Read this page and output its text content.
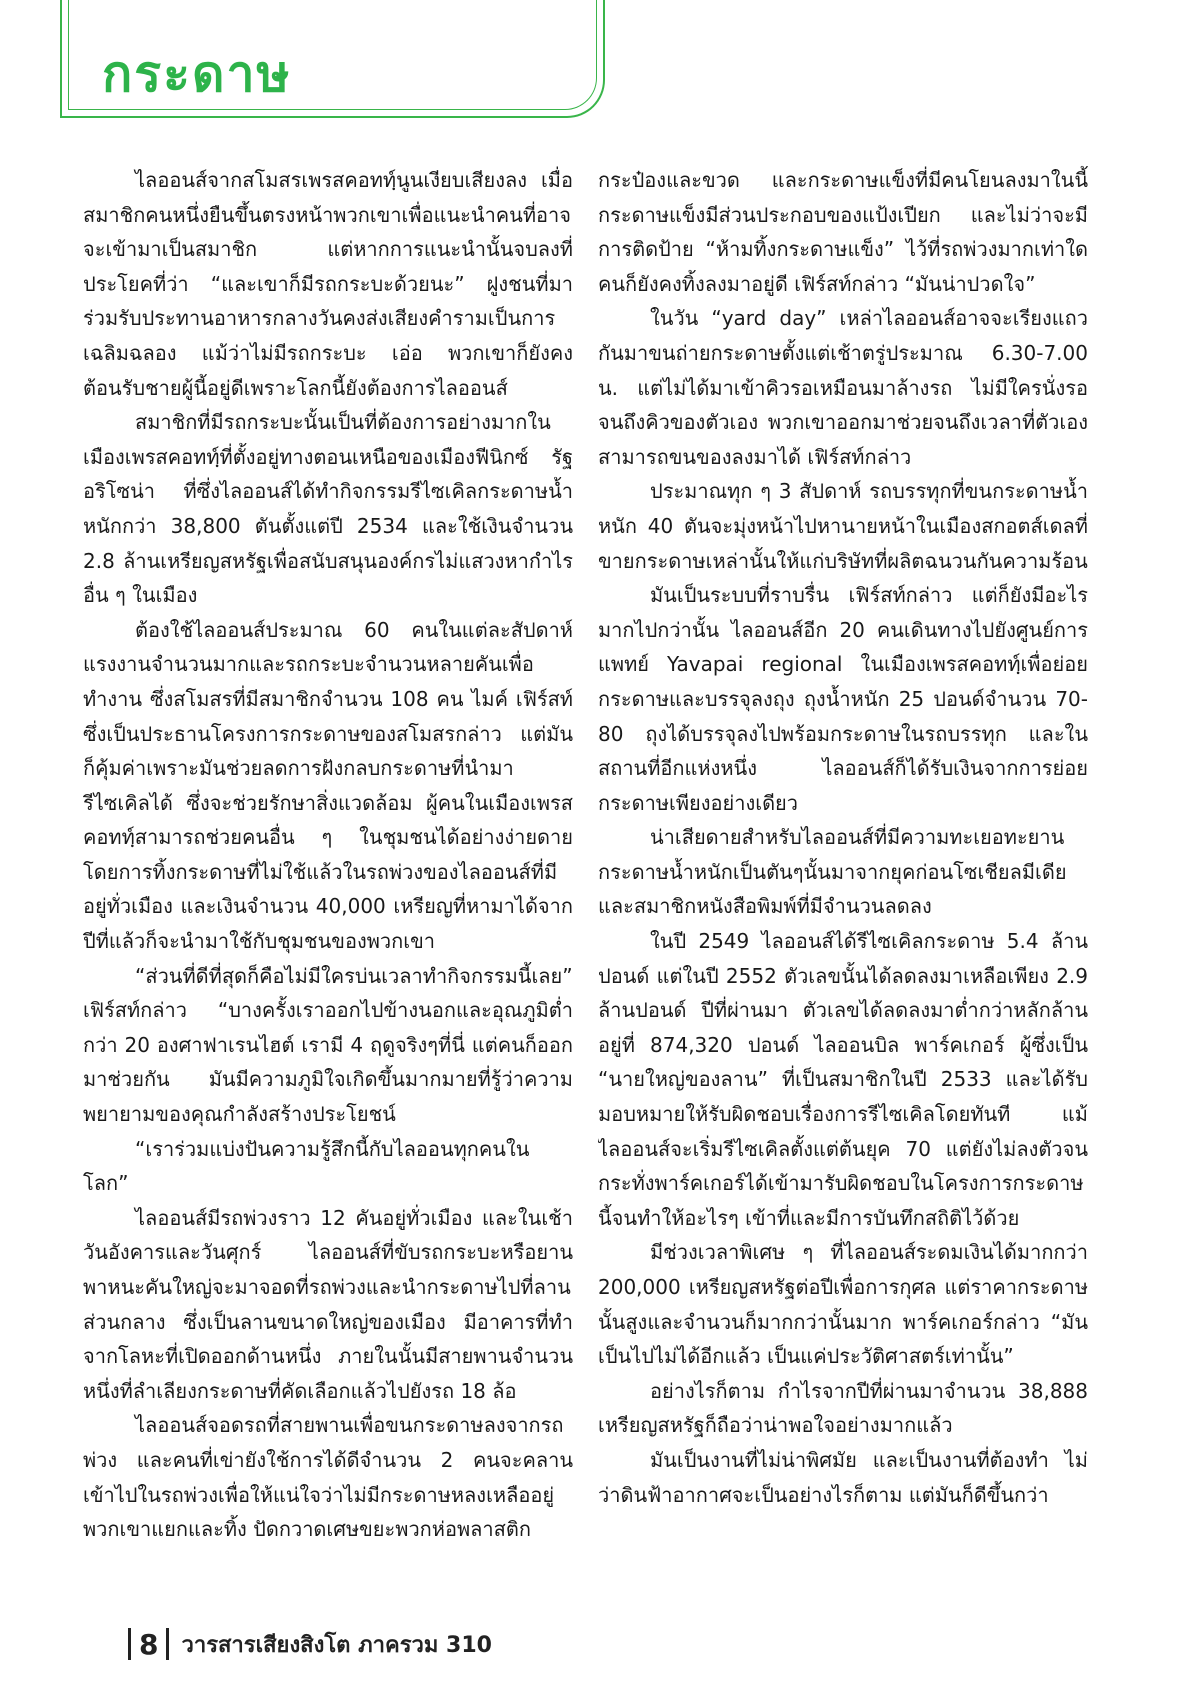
กระดาษ

ไลออนส์จากสโมสรเพรสคอททฺ์นูนเงียบเสียงลง เมื่อสมาชิกคนหนึ่งยืนขึ้นตรงหน้าพวกเขาเพื่อแนะนำคนที่อาจจะเข้ามาเป็นสมาชิก แต่หากการแนะนำนั้นจบลงที่ประโยคที่ว่า “และเขาก็มีรถกระบะด้วยนะ” ฝูงชนที่มาร่วมรับประทานอาหารกลางวันคงส่งเสียงคำรามเป็นการเฉลิมฉลอง แม้ว่าไม่มีรถกระบะ เอ่อ พวกเขาก็ยังคงต้อนรับชายผู้นี้อยู่ดีเพราะโลกนี้ยังต้องการไลออนส์

สมาชิกที่มีรถกระบะนั้นเป็นที่ต้องการอย่างมากในเมืองเพรสคอททฺ์ที่ตั้งอยู่ทางตอนเหนือของเมืองฟีนิกซ์ รัฐอริโซน่า ที่ซึ่งไลออนส์ได้ทำกิจกรรมรีไซเคิลกระดาษน้ำหนักกว่า 38,800 ตันตั้งแต่ปี 2534 และใช้เงินจำนวน 2.8 ล้านเหรียญสหรัฐเพื่อสนับสนุนองค์กรไม่แสวงหากำไรอื่น ๆ ในเมือง

ต้องใช้ไลออนส์ประมาณ 60 คนในแต่ละสัปดาห์ แรงงานจำนวนมากและรถกระบะจำนวนหลายคันเพื่อทำงาน ซึ่งสโมสรที่มีสมาชิกจำนวน 108 คน ไมค์ เฟิร์สท์ ซึ่งเป็นประธานโครงการกระดาษของสโมสรกล่าว แต่มันก็คุ้มค่าเพราะมันช่วยลดการฝังกลบกระดาษที่นำมารีไซเคิลได้ ซึ่งจะช่วยรักษาสิ่งแวดล้อม ผู้คนในเมืองเพรสคอททฺ์สามารถช่วยคนอื่น ๆ ในชุมชนได้อย่างง่ายดาย โดยการทิ้งกระดาษที่ไม่ใช้แล้วในรถพ่วงของไลออนส์ที่มีอยู่ทั่วเมือง และเงินจำนวน 40,000 เหรียญที่หามาได้จากปีที่แล้วก็จะนำมาใช้กับชุมชนของพวกเขา

“ส่วนที่ดีที่สุดก็คือไม่มีใครบ่นเวลาทำกิจกรรมนี้เลย” เฟิร์สท์กล่าว “บางครั้งเราออกไปข้างนอกและอุณภูมิต่ำกว่า 20 องศาฟาเรนไฮต์ เรามี 4 ฤดูจริงๆที่นี่ แต่คนก็ออกมาช่วยกัน มันมีความภูมิใจเกิดขึ้นมากมายที่รู้ว่าความพยายามของคุณกำลังสร้างประโยชน์

“เราร่วมแบ่งปันความรู้สึกนี้กับไลออนทุกคนในโลก”

ไลออนส์มีรถพ่วงราว 12 คันอยู่ทั่วเมือง และในเช้าวันอังคารและวันศุกร์ ไลออนส์ที่ขับรถกระบะหรือยานพาหนะคันใหญ่จะมาจอดที่รถพ่วงและนำกระดาษไปที่ลานส่วนกลาง ซึ่งเป็นลานขนาดใหญ่ของเมือง มีอาคารที่ทำจากโลหะที่เปิดออกด้านหนึ่ง ภายในนั้นมีสายพานจำนวนหนึ่งที่ลำเลียงกระดาษที่คัดเลือกแล้วไปยังรถ 18 ล้อ

ไลออนส์จอดรถที่สายพานเพื่อขนกระดาษลงจากรถพ่วง และคนที่เข่ายังใช้การได้ดีจำนวน 2 คนจะคลานเข้าไปในรถพ่วงเพื่อให้แน่ใจว่าไม่มีกระดาษหลงเหลืออยู่ พวกเขาแยกและทิ้ง ปัดกวาดเศษขยะพวกห่อพลาสติก

กระป๋องและขวด และกระดาษแข็งที่มีคนโยนลงมาในนี้ กระดาษแข็งมีส่วนประกอบของแป้งเปียก และไม่ว่าจะมีการติดป้าย “ห้ามทิ้งกระดาษแข็ง” ไว้ที่รถพ่วงมากเท่าใด คนก็ยังคงทิ้งลงมาอยู่ดี เฟิร์สท์กล่าว “มันน่าปวดใจ”

ในวัน “yard day” เหล่าไลออนส์อาจจะเรียงแถวกันมาขนถ่ายกระดาษตั้งแต่เช้าตรู่ประมาณ 6.30-7.00 น. แต่ไม่ได้มาเข้าคิวรอเหมือนมาล้างรถ ไม่มีใครนั่งรอจนถึงคิวของตัวเอง พวกเขาออกมาช่วยจนถึงเวลาที่ตัวเองสามารถขนของลงมาได้ เฟิร์สท์กล่าว

ประมาณทุก ๆ 3 สัปดาห์ รถบรรทุกที่ขนกระดาษน้ำหนัก 40 ตันจะมุ่งหน้าไปหานายหน้าในเมืองสกอตส์เดลที่ขายกระดาษเหล่านั้นให้แก่บริษัทที่ผลิตฉนวนกันความร้อน

มันเป็นระบบที่ราบรื่น เฟิร์สท์กล่าว แต่ก็ยังมีอะไรมากไปกว่านั้น ไลออนส์อีก 20 คนเดินทางไปยังศูนย์การแพทย์ Yavapai regional ในเมืองเพรสคอททฺ์เพื่อย่อยกระดาษและบรรจุลงถุง ถุงน้ำหนัก 25 ปอนด์จำนวน 70-80 ถุงได้บรรจุลงไปพร้อมกระดาษในรถบรรทุก และในสถานที่อีกแห่งหนึ่ง ไลออนส์ก็ได้รับเงินจากการย่อยกระดาษเพียงอย่างเดียว

น่าเสียดายสำหรับไลออนส์ที่มีความทะเยอทะยาน กระดาษน้ำหนักเป็นตันๆนั้นมาจากยุคก่อนโซเชียลมีเดีย และสมาชิกหนังสือพิมพ์ที่มีจำนวนลดลง

ในปี 2549 ไลออนส์ได้รีไซเคิลกระดาษ 5.4 ล้านปอนด์ แต่ในปี 2552 ตัวเลขนั้นได้ลดลงมาเหลือเพียง 2.9 ล้านปอนด์ ปีที่ผ่านมา ตัวเลขได้ลดลงมาต่ำกว่าหลักล้านอยู่ที่ 874,320 ปอนด์ ไลออนบิล พาร์คเกอร์ ผู้ซึ่งเป็น “นายใหญ่ของลาน” ที่เป็นสมาชิกในปี 2533 และได้รับมอบหมายให้รับผิดชอบเรื่องการรีไซเคิลโดยทันที แม้ไลออนส์จะเริ่มรีไซเคิลตั้งแต่ต้นยุค 70 แต่ยังไม่ลงตัวจนกระทั่งพาร์คเกอร์ได้เข้ามารับผิดชอบในโครงการกระดาษนี้จนทำให้อะไรๆ เข้าที่และมีการบันทึกสถิติไว้ด้วย

มีช่วงเวลาพิเศษ ๆ ที่ไลออนส์ระดมเงินได้มากกว่า 200,000 เหรียญสหรัฐต่อปีเพื่อการกุศล แต่ราคากระดาษนั้นสูงและจำนวนก็มากกว่านั้นมาก พาร์คเกอร์กล่าว “มันเป็นไปไม่ได้อีกแล้ว เป็นแค่ประวัติศาสตร์เท่านั้น”

อย่างไรก็ตาม กำไรจากปีที่ผ่านมาจำนวน 38,888 เหรียญสหรัฐก็ถือว่าน่าพอใจอย่างมากแล้ว

มันเป็นงานที่ไม่น่าพิศมัย และเป็นงานที่ต้องทำ ไม่ว่าดินฟ้าอากาศจะเป็นอย่างไรก็ตาม แต่มันก็ดีขึ้นกว่า

8 วารสารเสียงสิงโต ภาครวม 310
